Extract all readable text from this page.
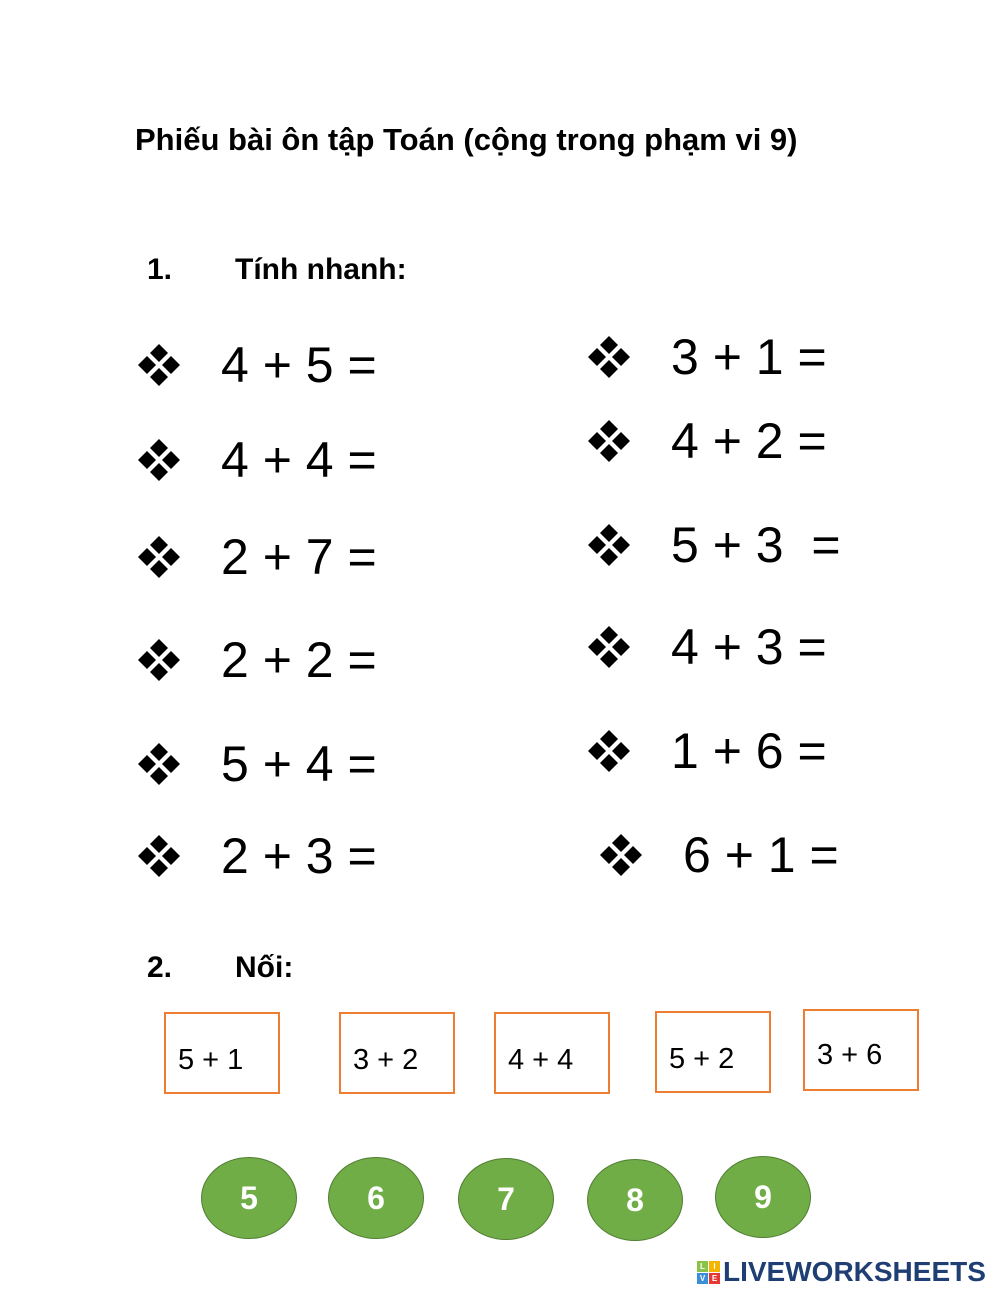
Phiếu bài ôn tập Toán (cộng trong phạm vi 9)
1. Tính nhanh:
4 + 5 =
4 + 4 =
2 + 7 =
2 + 2 =
5 + 4 =
2 + 3 =
3 + 1 =
4 + 2 =
5 + 3  =
4 + 3 =
1 + 6 =
6 + 1 =
2. Nối:
5 + 1	3 + 2	4 + 4	5 + 2	3 + 6
5	6	7	8	9
L	I
V E LIVEWORKSHEETS
